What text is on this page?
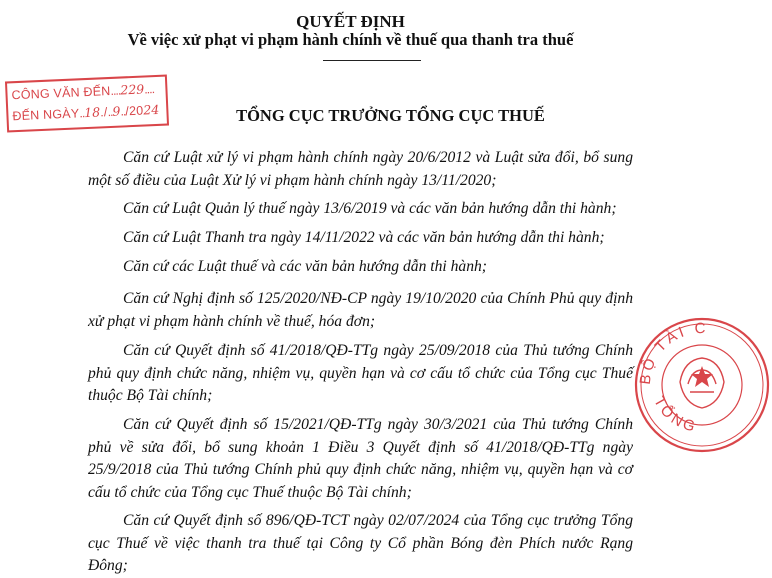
QUYẾT ĐỊNH
Về việc xử phạt vi phạm hành chính về thuế qua thanh tra thuế
TỔNG CỤC TRƯỞNG TỔNG CỤC THUẾ
CÔNG VĂN ĐẾN....229....
ĐẾN NGÀY..18./..9../2024

Căn cứ Luật xử lý vi phạm hành chính ngày 20/6/2012 và Luật sửa đổi, bổ sung một số điều của Luật Xử lý vi phạm hành chính ngày 13/11/2020;

Căn cứ Luật Quản lý thuế ngày 13/6/2019 và các văn bản hướng dẫn thi hành;

Căn cứ Luật Thanh tra ngày 14/11/2022 và các văn bản hướng dẫn thi hành;

Căn cứ các Luật thuế và các văn bản hướng dẫn thi hành;

Căn cứ Nghị định số 125/2020/NĐ-CP ngày 19/10/2020 của Chính Phủ quy định xử phạt vi phạm hành chính về thuế, hóa đơn;

Căn cứ Quyết định số 41/2018/QĐ-TTg ngày 25/09/2018 của Thủ tướng Chính phủ quy định chức năng, nhiệm vụ, quyền hạn và cơ cấu tổ chức của Tổng cục Thuế thuộc Bộ Tài chính;

Căn cứ Quyết định số 15/2021/QĐ-TTg ngày 30/3/2021 của Thủ tướng Chính phủ về sửa đổi, bổ sung khoản 1 Điều 3 Quyết định số 41/2018/QĐ-TTg ngày 25/9/2018 của Thủ tướng Chính phủ quy định chức năng, nhiệm vụ, quyền hạn và cơ cấu tổ chức của Tổng cục Thuế thuộc Bộ Tài chính;

Căn cứ Quyết định số 896/QĐ-TCT ngày 02/07/2024 của Tổng cục trưởng Tổng cục Thuế về việc thanh tra thuế tại Công ty Cổ phần Bóng đèn Phích nước Rạng Đông;

BỘ TÀI C
TỔNG
